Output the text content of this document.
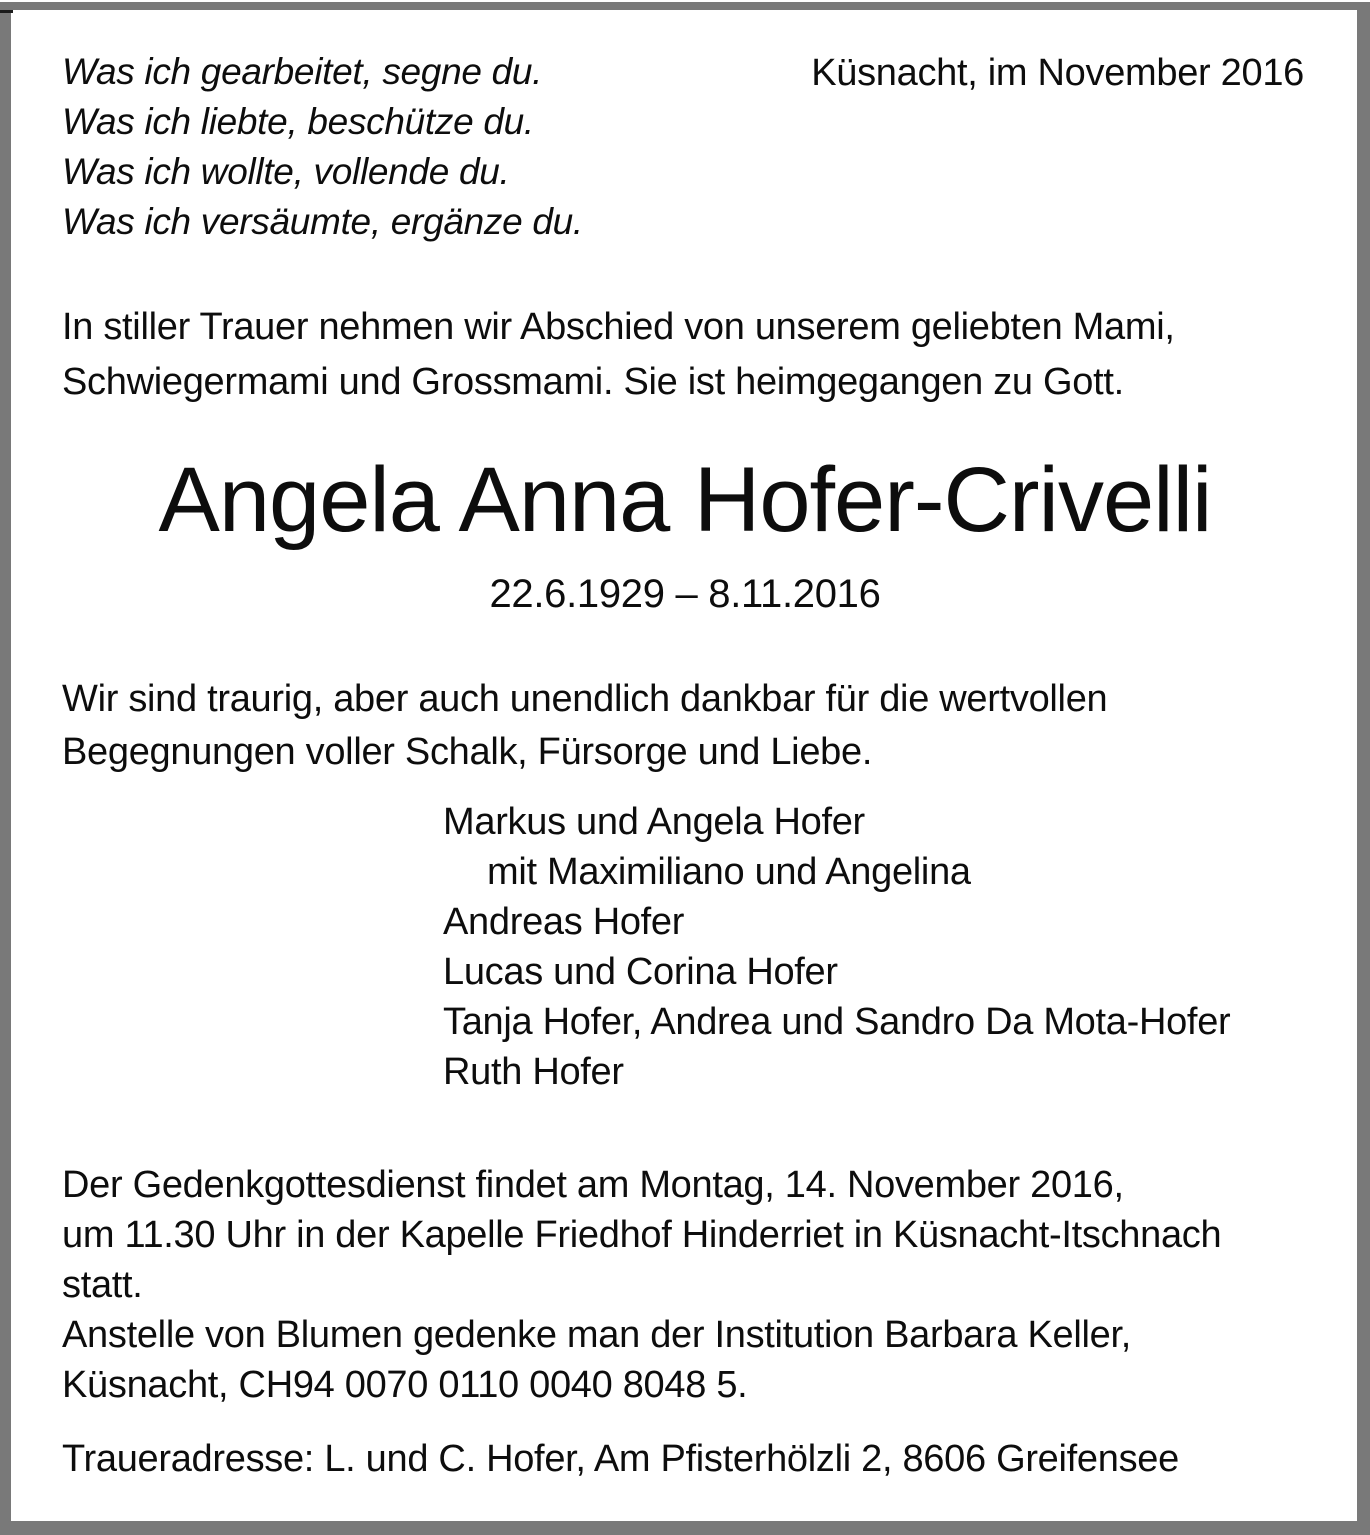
Was ich gearbeitet, segne du.
Was ich liebte, beschütze du.
Was ich wollte, vollende du.
Was ich versäumte, ergänze du.
Küsnacht, im November 2016
In stiller Trauer nehmen wir Abschied von unserem geliebten Mami,
Schwiegermami und Grossmami. Sie ist heimgegangen zu Gott.
Angela Anna Hofer-Crivelli
22.6.1929 – 8.11.2016
Wir sind traurig, aber auch unendlich dankbar für die wertvollen
Begegnungen voller Schalk, Fürsorge und Liebe.
Markus und Angela Hofer
mit Maximiliano und Angelina
Andreas Hofer
Lucas und Corina Hofer
Tanja Hofer, Andrea und Sandro Da Mota-Hofer
Ruth Hofer
Der Gedenkgottesdienst findet am Montag, 14. November 2016,
um 11.30 Uhr in der Kapelle Friedhof Hinderriet in Küsnacht-Itschnach
statt.
Anstelle von Blumen gedenke man der Institution Barbara Keller,
Küsnacht, CH94 0070 0110 0040 8048 5.
Traueradresse: L. und C. Hofer, Am Pfisterhölzli 2, 8606 Greifensee
